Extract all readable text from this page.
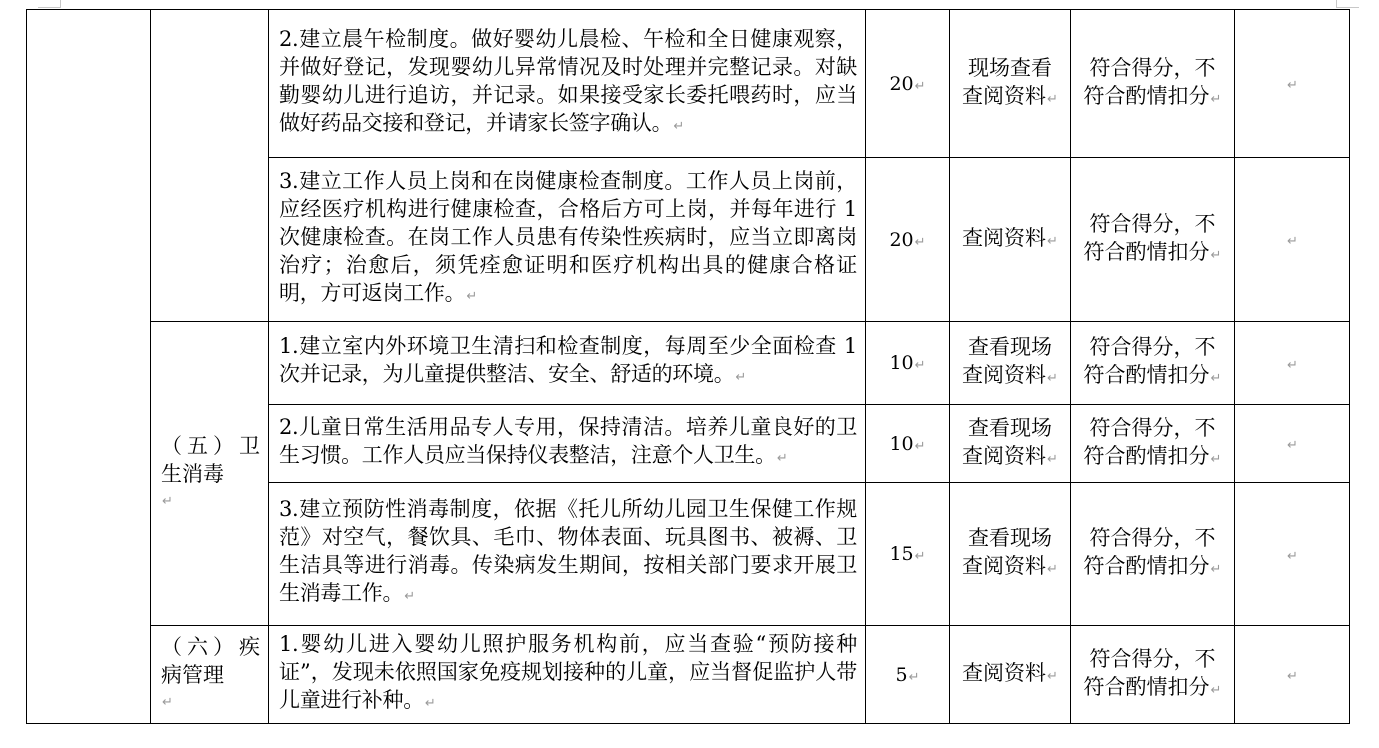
		2.建立晨午检制度。做好婴幼儿晨检、午检和全日健康观察，并做好登记，发现婴幼儿异常情况及时处理并完整记录。对缺勤婴幼儿进行追访，并记录。如果接受家长委托喂药时，应当做好药品交接和登记，并请家长签字确认。↵	20↵	现场查看
查阅资料↵	符合得分，不
符合酌情扣分↵	↵
		3.建立工作人员上岗和在岗健康检查制度。工作人员上岗前，应经医疗机构进行健康检查，合格后方可上岗，并每年进行 1 次健康检查。在岗工作人员患有传染性疾病时，应当立即离岗治疗；治愈后，须凭痊愈证明和医疗机构出具的健康合格证明，方可返岗工作。↵	20↵	查阅资料↵	符合得分，不
符合酌情扣分↵	↵

	（五）卫
生消毒
↵	1.建立室内外环境卫生清扫和检查制度，每周至少全面检查 1 次并记录，为儿童提供整洁、安全、舒适的环境。↵	10↵	查看现场
查阅资料↵	符合得分，不
符合酌情扣分↵	↵
		2.儿童日常生活用品专人专用，保持清洁。培养儿童良好的卫生习惯。工作人员应当保持仪表整洁，注意个人卫生。↵	10↵	查看现场
查阅资料↵	符合得分，不
符合酌情扣分↵	↵
		3.建立预防性消毒制度，依据《托儿所幼儿园卫生保健工作规范》对空气，餐饮具、毛巾、物体表面、玩具图书、被褥、卫生洁具等进行消毒。传染病发生期间，按相关部门要求开展卫生消毒工作。↵	15↵	查看现场
查阅资料↵	符合得分，不
符合酌情扣分↵	↵

	（六）疾
病管理
↵	1.婴幼儿进入婴幼儿照护服务机构前，应当查验“预防接种证”，发现未依照国家免疫规划接种的儿童，应当督促监护人带儿童进行补种。↵	5↵	查阅资料↵	符合得分，不
符合酌情扣分↵	↵
